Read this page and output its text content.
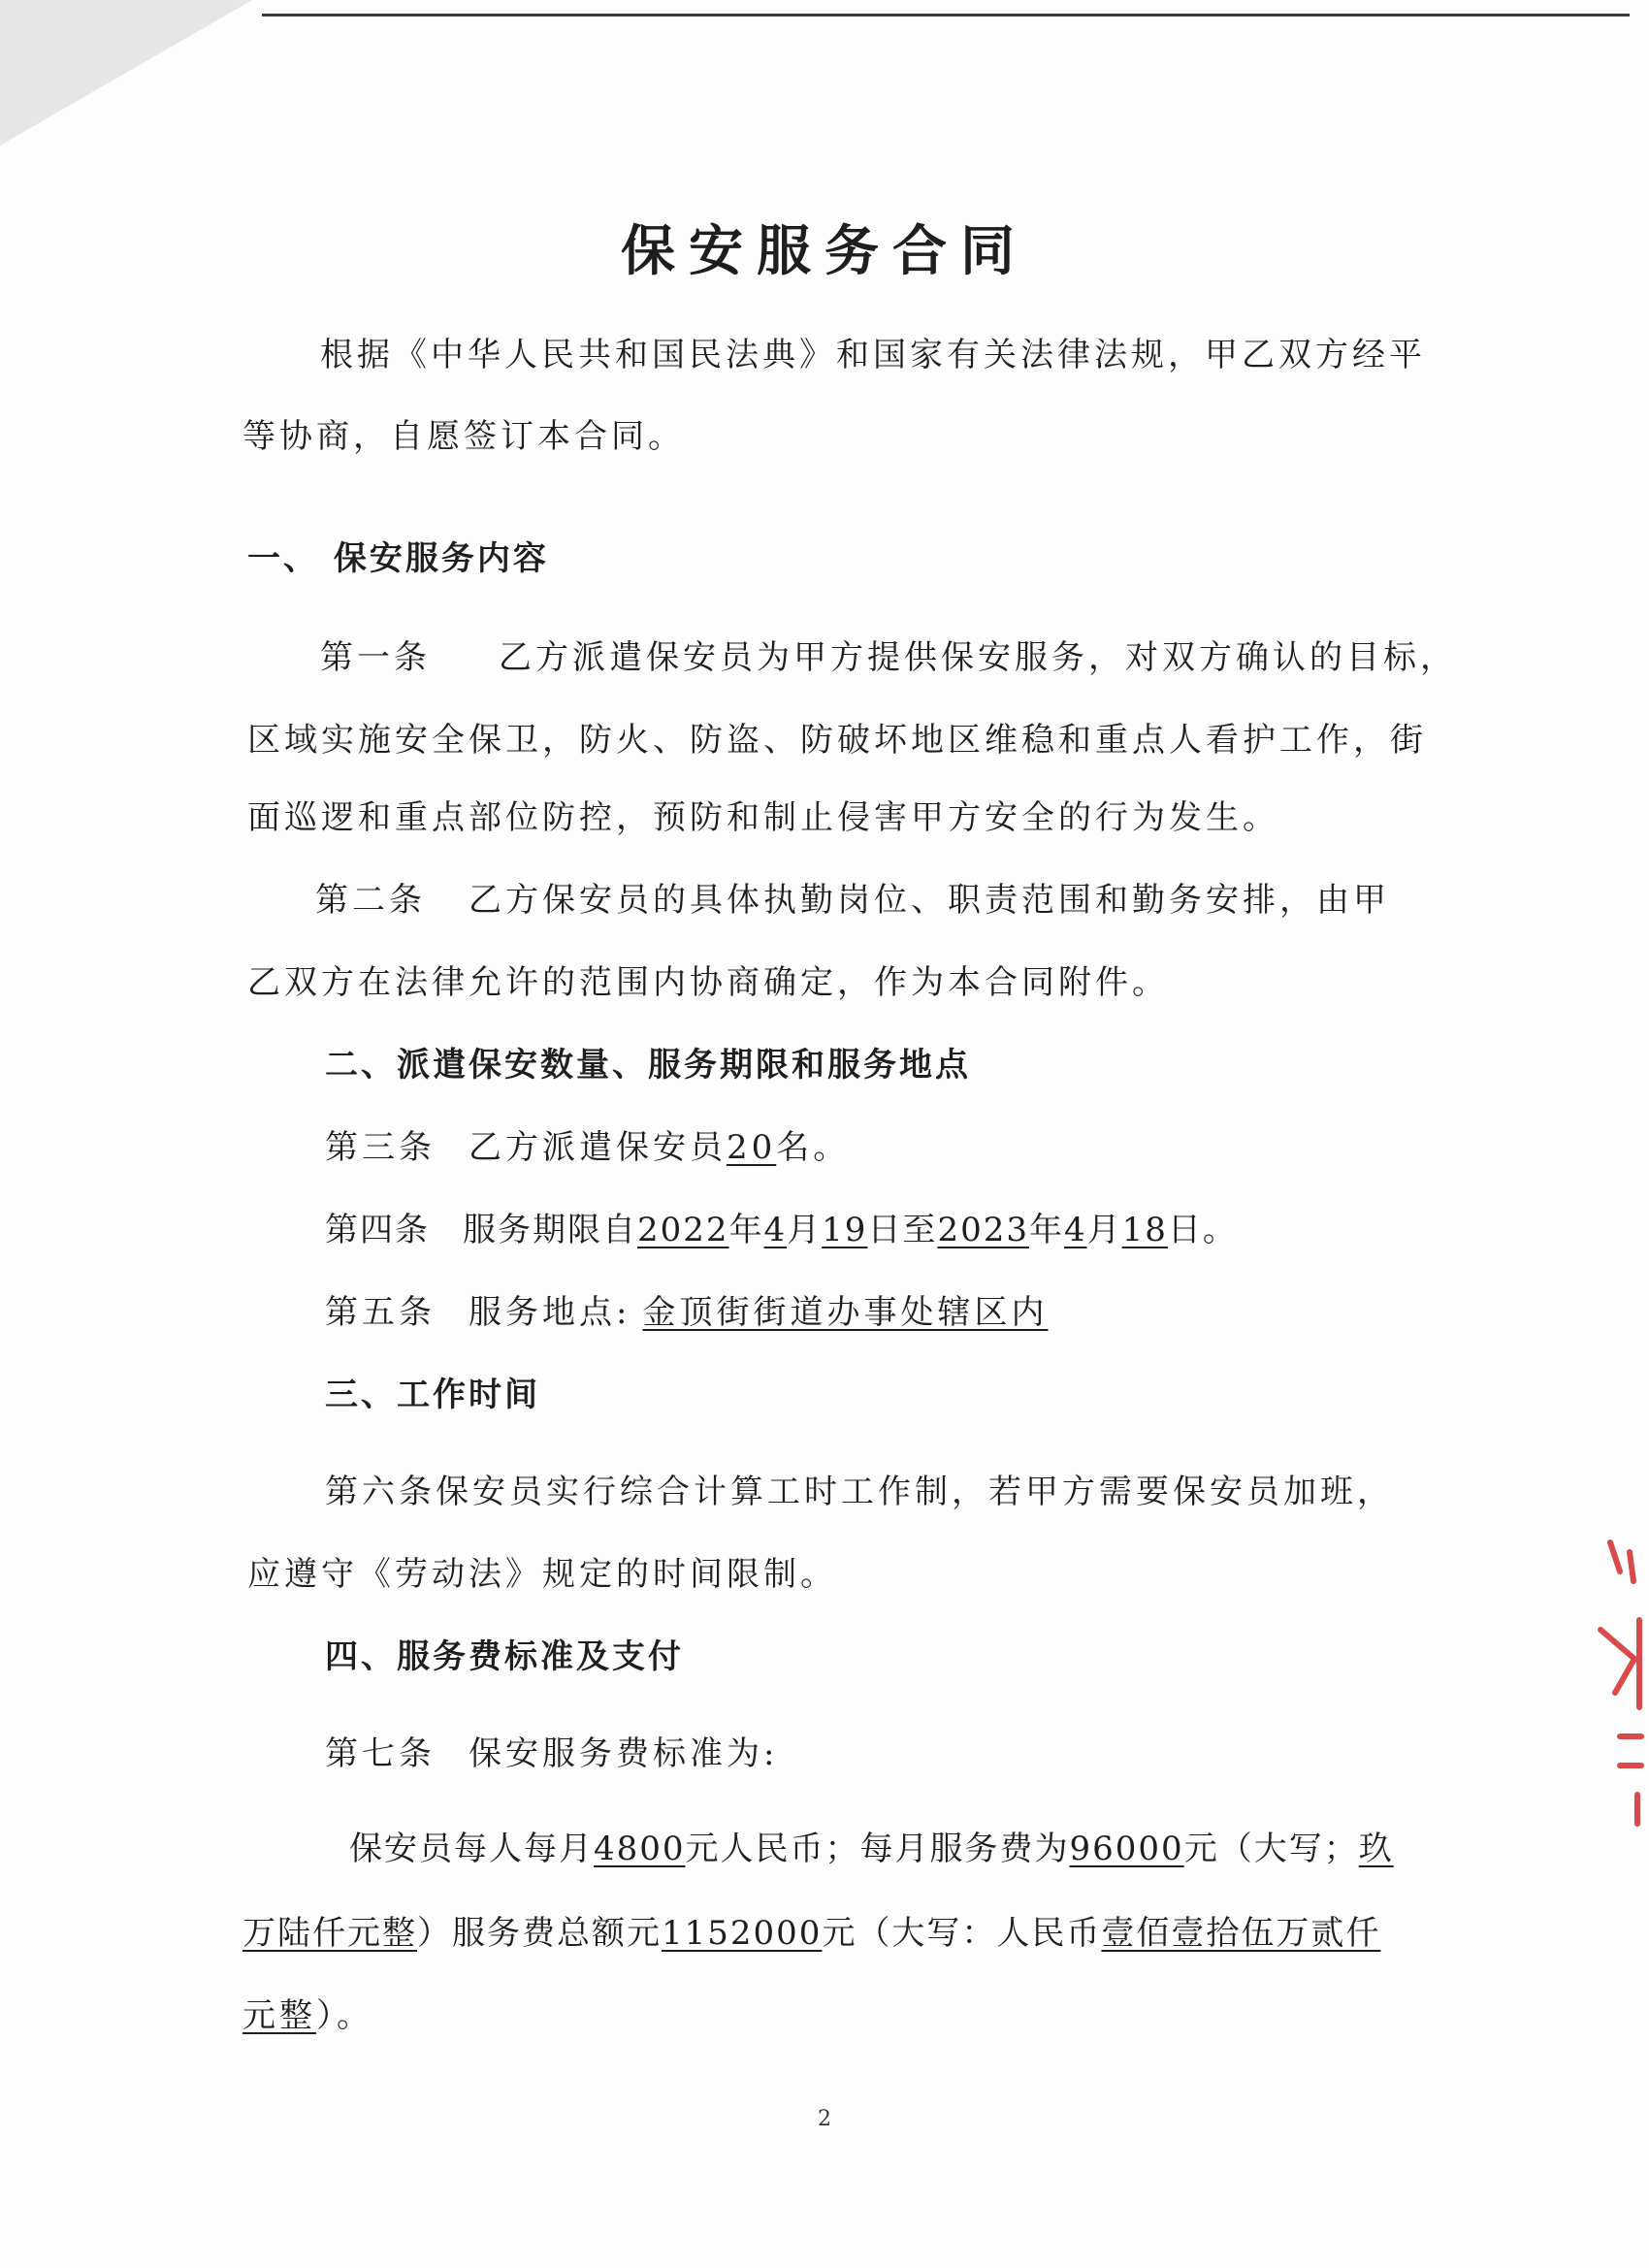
保安服务合同
根据《中华人民共和国民法典》和国家有关法律法规，甲乙双方经平
等协商，自愿签订本合同。
一、 保安服务内容
第一条 乙方派遣保安员为甲方提供保安服务，对双方确认的目标，
区域实施安全保卫，防火、防盗、防破坏地区维稳和重点人看护工作，街
面巡逻和重点部位防控，预防和制止侵害甲方安全的行为发生。
第二条 乙方保安员的具体执勤岗位、职责范围和勤务安排，由甲
乙双方在法律允许的范围内协商确定，作为本合同附件。
二、派遣保安数量、服务期限和服务地点
第三条 乙方派遣保安员20名。
第四条 服务期限自2022年4月19日至2023年4月18日。
第五条 服务地点: 金顶街街道办事处辖区内
三、工作时间
第六条保安员实行综合计算工时工作制，若甲方需要保安员加班，
应遵守《劳动法》规定的时间限制。
四、服务费标准及支付
第七条 保安服务费标准为:
保安员每人每月4800元人民币；每月服务费为96000元（大写；玖
万陆仟元整）服务费总额元1152000元（大写：人民币壹佰壹拾伍万贰仟
元整）。
2
